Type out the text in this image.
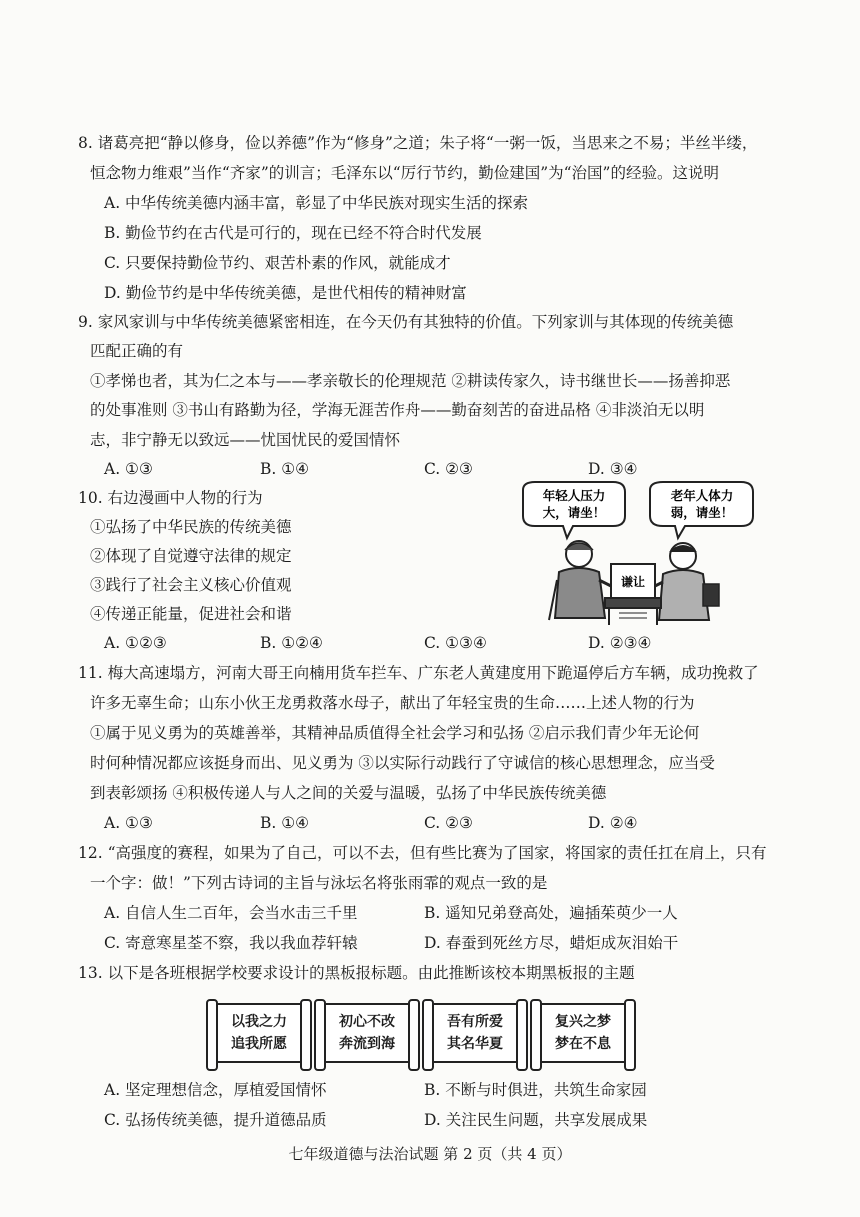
8. 诸葛亮把“静以修身，俭以养德”作为“修身”之道；朱子将“一粥一饭，当思来之不易；半丝半缕，
恒念物力维艰”当作“齐家”的训言；毛泽东以“厉行节约，勤俭建国”为“治国”的经验。这说明
A. 中华传统美德内涵丰富，彰显了中华民族对现实生活的探索
B. 勤俭节约在古代是可行的，现在已经不符合时代发展
C. 只要保持勤俭节约、艰苦朴素的作风，就能成才
D. 勤俭节约是中华传统美德，是世代相传的精神财富
9. 家风家训与中华传统美德紧密相连，在今天仍有其独特的价值。下列家训与其体现的传统美德
匹配正确的有
①孝悌也者，其为仁之本与——孝亲敬长的伦理规范 ②耕读传家久，诗书继世长——扬善抑恶
的处事准则 ③书山有路勤为径，学海无涯苦作舟——勤奋刻苦的奋进品格 ④非淡泊无以明
志，非宁静无以致远——忧国忧民的爱国情怀
A. ①③	B. ①④	C. ②③	D. ③④
10. 右边漫画中人物的行为
①弘扬了中华民族的传统美德
②体现了自觉遵守法律的规定
③践行了社会主义核心价值观
④传递正能量，促进社会和谐
A. ①②③	B. ①②④	C. ①③④	D. ②③④
年轻人压力大，请坐！
老年人体力弱，请坐！
谦让
11. 梅大高速塌方，河南大哥王向楠用货车拦车、广东老人黄建度用下跪逼停后方车辆，成功挽救了
许多无辜生命；山东小伙王龙勇救落水母子，献出了年轻宝贵的生命……上述人物的行为
①属于见义勇为的英雄善举，其精神品质值得全社会学习和弘扬 ②启示我们青少年无论何
时何种情况都应该挺身而出、见义勇为 ③以实际行动践行了守诚信的核心思想理念，应当受
到表彰颂扬 ④积极传递人与人之间的关爱与温暖，弘扬了中华民族传统美德
A. ①③	B. ①④	C. ②③	D. ②④
12. “高强度的赛程，如果为了自己，可以不去，但有些比赛为了国家，将国家的责任扛在肩上，只有
一个字：做！”下列古诗词的主旨与泳坛名将张雨霏的观点一致的是
A. 自信人生二百年，会当水击三千里	B. 遥知兄弟登高处，遍插茱萸少一人
C. 寄意寒星荃不察，我以我血荐轩辕	D. 春蚕到死丝方尽，蜡炬成灰泪始干
13. 以下是各班根据学校要求设计的黑板报标题。由此推断该校本期黑板报的主题
以我之力
追我所愿
初心不改
奔流到海
吾有所爱
其名华夏
复兴之梦
梦在不息
A. 坚定理想信念，厚植爱国情怀	B. 不断与时俱进，共筑生命家园
C. 弘扬传统美德，提升道德品质	D. 关注民生问题，共享发展成果
七年级道德与法治试题 第 2 页（共 4 页）
